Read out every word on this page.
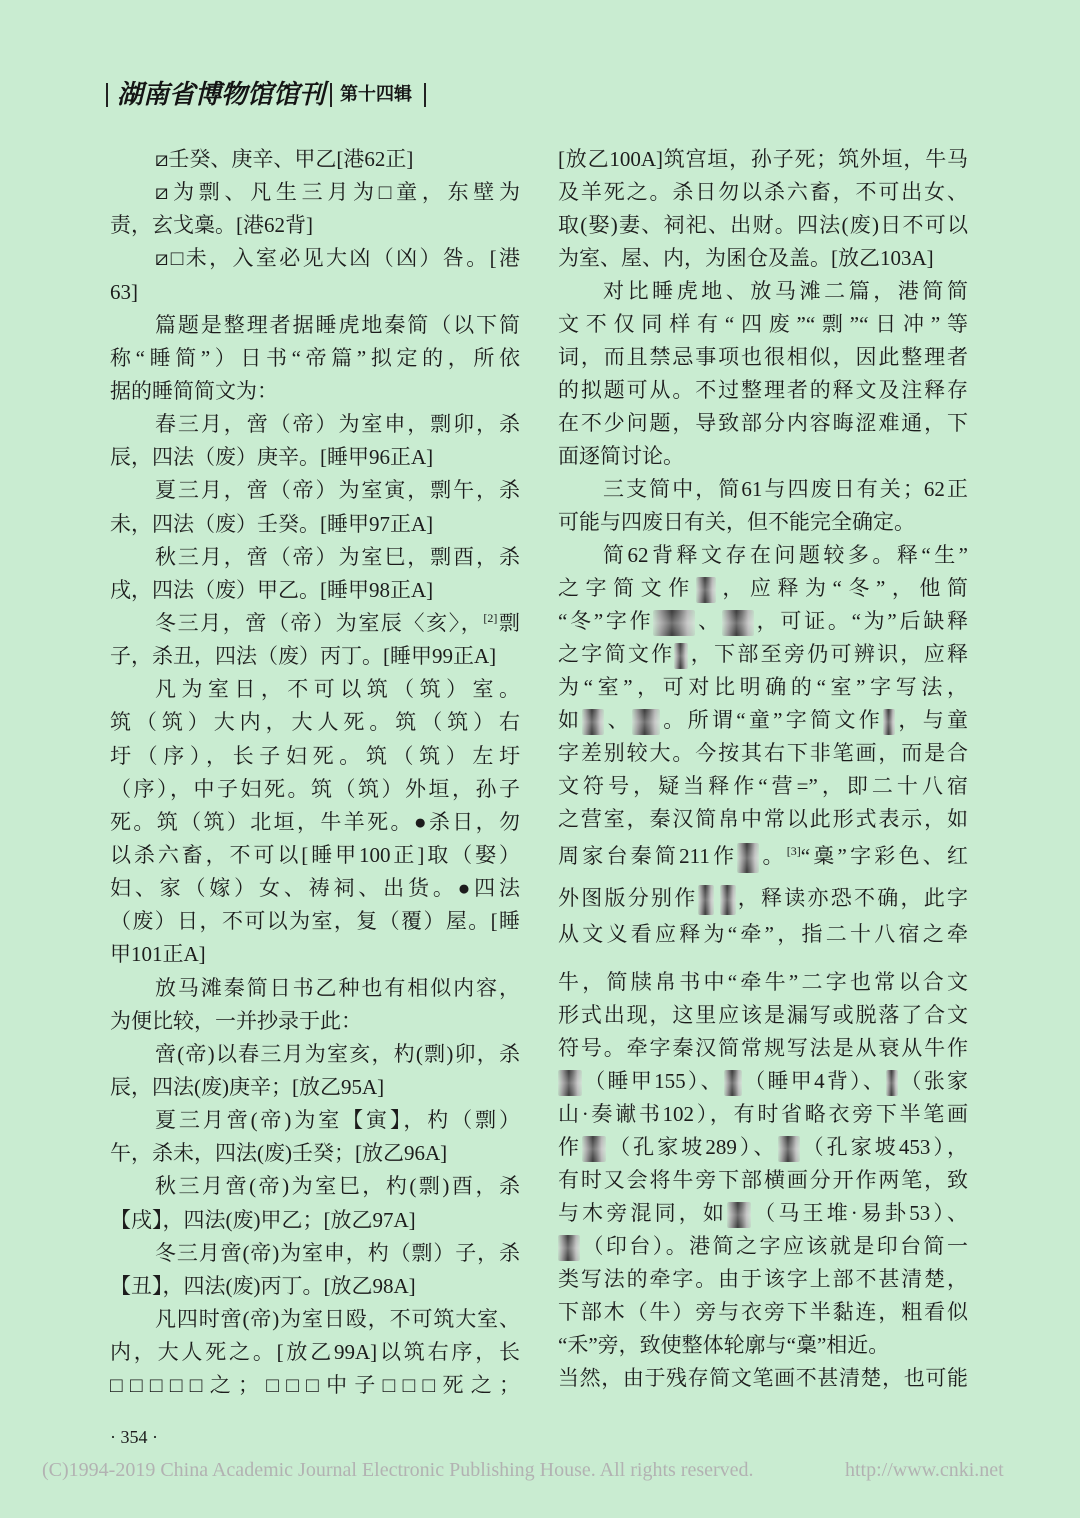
湖南省博物馆馆刊 第十四辑
⧄壬癸、庚辛、甲乙[港62正]
⧄为剽、凡生三月为□童，东壁为
责，玄戈稾。[港62背]
⧄□未，入室必见大凶（凶）咎。[港
63]
篇题是整理者据睡虎地秦简（以下简
称“睡简”）日书“帝篇”拟定的，所依
据的睡简简文为：
春三月，啻（帝）为室申，剽卯，杀
辰，四法（废）庚辛。[睡甲96正A]
夏三月，啻（帝）为室寅，剽午，杀
未，四法（废）壬癸。[睡甲97正A]
秋三月，啻（帝）为室巳，剽酉，杀
戌，四法（废）甲乙。[睡甲98正A]
冬三月，啻（帝）为室辰〈亥〉，[2]剽
子，杀丑，四法（废）丙丁。[睡甲99正A]
凡为室日，不可以筑（筑）室。
筑（筑）大内，大人死。筑（筑）右
圩（序），长子妇死。筑（筑）左圩
（序），中子妇死。筑（筑）外垣，孙子
死。筑（筑）北垣，牛羊死。●杀日，勿
以杀六畜，不可以[睡甲100正]取（娶）
妇、家（嫁）女、祷祠、出货。●四法
（废）日，不可以为室，复（覆）屋。[睡
甲101正A]
放马滩秦简日书乙种也有相似内容，
为便比较，一并抄录于此：
啻(帝)以春三月为室亥，杓(剽)卯，杀
辰，四法(废)庚辛；[放乙95A]
夏三月啻(帝)为室【寅】，杓（剽）
午，杀未，四法(废)壬癸；[放乙96A]
秋三月啻(帝)为室巳，杓(剽)酉，杀
【戌】，四法(废)甲乙；[放乙97A]
冬三月啻(帝)为室申，杓（剽）子，杀
【丑】，四法(废)丙丁。[放乙98A]
凡四时啻(帝)为室日殴，不可筑大室、
内，大人死之。[放乙99A]以筑右序，长
□□□□□之；□□□中子□□□死之；
[放乙100A]筑宫垣，孙子死；筑外垣，牛马
及羊死之。杀日勿以杀六畜，不可出女、
取(娶)妻、祠祀、出财。四法(废)日不可以
为室、屋、内，为囷仓及盖。[放乙103A]
对比睡虎地、放马滩二篇，港简简
文不仅同样有“四废”“剽”“日冲”等
词，而且禁忌事项也很相似，因此整理者
的拟题可从。不过整理者的释文及注释存
在不少问题，导致部分内容晦涩难通，下
面逐简讨论。
三支简中，简61与四废日有关；62正
可能与四废日有关，但不能完全确定。
简62背释文存在问题较多。释“生”
之字简文作 ，应释为“冬”，他简
“冬”字作 、 ，可证。“为”后缺释
之字简文作 ，下部至旁仍可辨识，应释
为“室”，可对比明确的“室”字写法，
如 、 。所谓“童”字简文作 ，与童
字差别较大。今按其右下非笔画，而是合
文符号，疑当释作“营=”，即二十八宿
之营室，秦汉简帛中常以此形式表示，如
周家台秦简211作 。[3]“稾”字彩色、红
外图版分别作 ，释读亦恐不确，此字
从文义看应释为“牵”，指二十八宿之牵
牛，简牍帛书中“牵牛”二字也常以合文
形式出现，这里应该是漏写或脱落了合文
符号。牵字秦汉简常规写法是从衰从牛作
（睡甲155）、 （睡甲4背）、 （张家
山·奏谳书102），有时省略衣旁下半笔画
作 （孔家坡289）、 （孔家坡453），
有时又会将牛旁下部横画分开作两笔，致
与木旁混同，如 （马王堆·易卦53）、
（印台）。港简之字应该就是印台简一
类写法的牵字。由于该字上部不甚清楚，
下部木（牛）旁与衣旁下半黏连，粗看似
“禾”旁，致使整体轮廓与“稾”相近。
当然，由于残存简文笔画不甚清楚，也可能
· 354 ·
(C)1994-2019 China Academic Journal Electronic Publishing House. All rights reserved.	http://www.cnki.net
